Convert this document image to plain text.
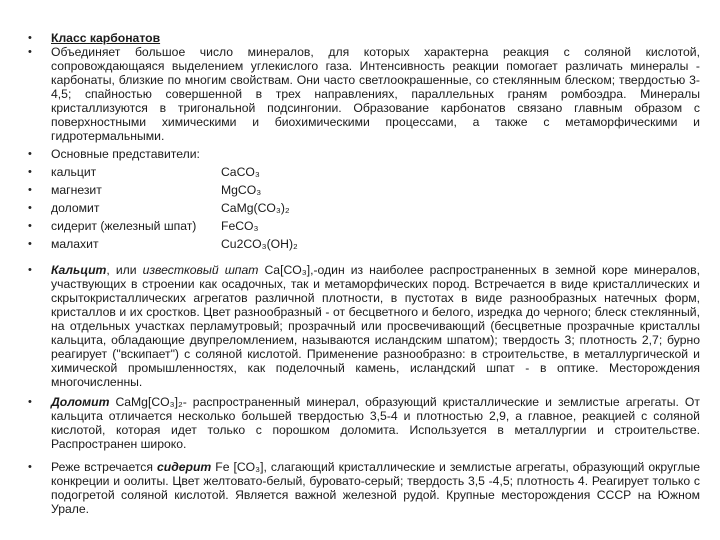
• Класс карбонатов
• Объединяет большое число минералов, для которых характерна реакция с соляной кислотой, сопровождающаяся выделением углекислого газа. Интенсивность реакции помогает различать минералы - карбонаты, близкие по многим свойствам. Они часто светлоокрашенные, со стеклянным блеском; твердостью 3-4,5; спайностью совершенной в трех направлениях, параллельных граням ромбоэдра. Минералы кристаллизуются в тригональной подсингонии. Образование карбонатов связано главным образом с поверхностными химическими и биохимическими процессами, а также с метаморфическими и гидротермальными.
• Основные представители:
• кальцит	CaCO₃
• магнезит	MgCO₃
• доломит	CaMg(CO₃)₂
• сидерит (железный шпат) FeCO₃
• малахит	Cu2CO₃(OH)₂
• Кальцит, или известковый шпат Ca[CO₃],-один из наиболее распространенных в земной коре минералов, участвующих в строении как осадочных, так и метаморфических пород. Встречается в виде кристаллических и скрытокристаллических агрегатов различной плотности, в пустотах в виде разнообразных натечных форм, кристаллов и их сростков. Цвет разнообразный - от бесцветного и белого, изредка до черного; блеск стеклянный, на отдельных участках перламутровый; прозрачный или просвечивающий (бесцветные прозрачные кристаллы кальцита, обладающие двупреломлением, называются исландским шпатом); твердость 3; плотность 2,7; бурно реагирует ("вскипает") с соляной кислотой. Применение разнообразно: в строительстве, в металлургической и химической промышленностях, как поделочный камень, исландский шпат - в оптике. Месторождения многочисленны.
• Доломит CaMg[CO₃]₂- распространенный минерал, образующий кристаллические и землистые агрегаты. От кальцита отличается несколько большей твердостью 3,5-4 и плотностью 2,9, а главное, реакцией с соляной кислотой, которая идет только с порошком доломита. Используется в металлургии и строительстве. Распространен широко.
• Реже встречается сидерит Fe [CO₃], слагающий кристаллические и землистые агрегаты, образующий округлые конкреции и оолиты. Цвет желтовато-белый, буровато-серый; твердость 3,5 -4,5; плотность 4. Реагирует только с подогретой соляной кислотой. Является важной железной рудой. Крупные месторождения СССР на Южном Урале.
